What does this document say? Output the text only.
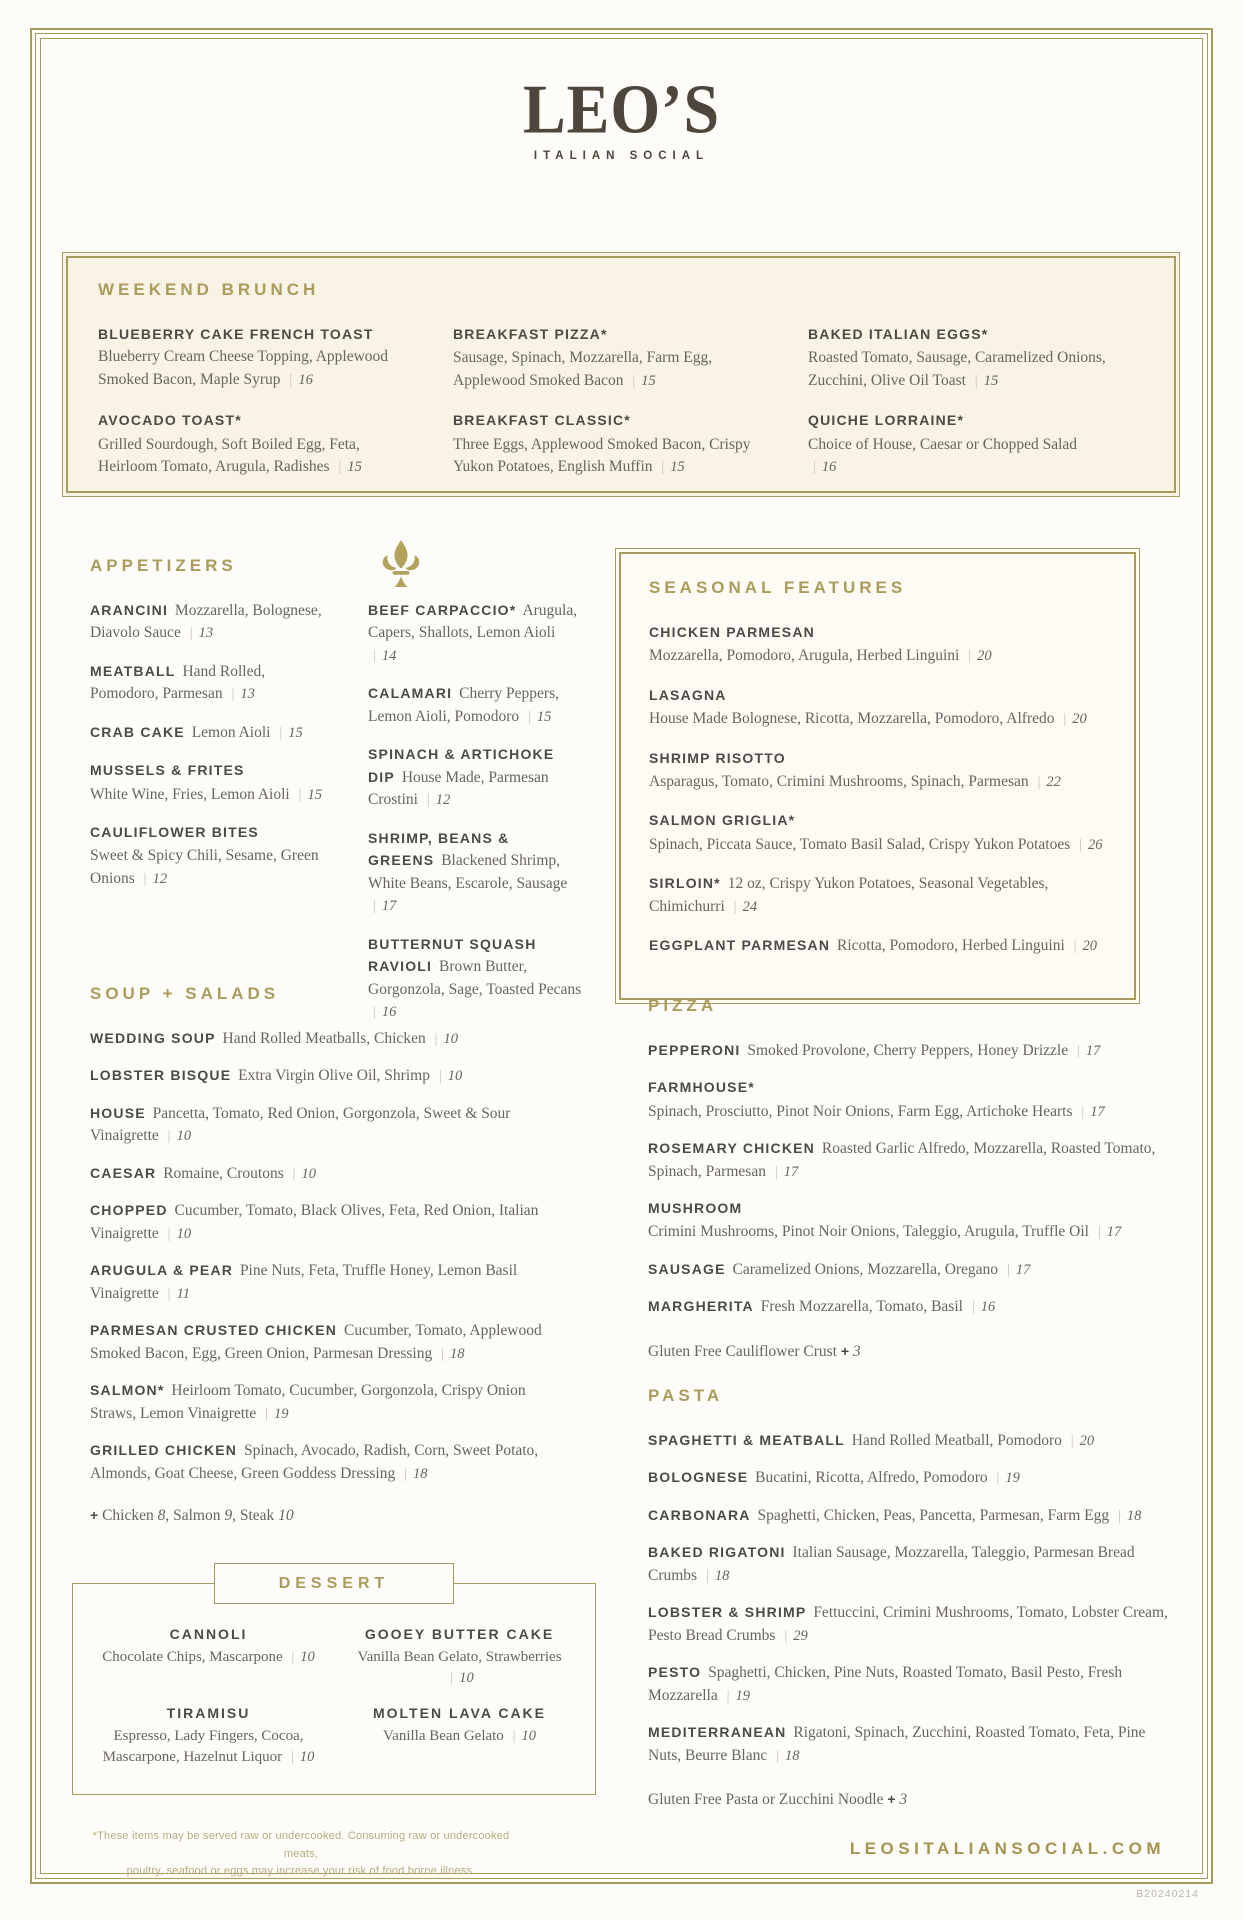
LEO’S
ITALIAN SOCIAL
WEEKEND BRUNCH

BLUEBERRY CAKE FRENCH TOAST Blueberry Cream Cheese Topping, Applewood Smoked Bacon, Maple Syrup | 16

BREAKFAST PIZZA*
Sausage, Spinach, Mozzarella, Farm Egg, Applewood Smoked Bacon | 15

BAKED ITALIAN EGGS*
Roasted Tomato, Sausage, Caramelized Onions, Zucchini, Olive Oil Toast | 15

AVOCADO TOAST*
Grilled Sourdough, Soft Boiled Egg, Feta, Heirloom Tomato, Arugula, Radishes | 15

BREAKFAST CLASSIC*
Three Eggs, Applewood Smoked Bacon, Crispy Yukon Potatoes, English Muffin | 15

QUICHE LORRAINE*
Choice of House, Caesar or Chopped Salad | 16

APPETIZERS

ARANCINI Mozzarella, Bolognese, Diavolo Sauce | 13

MEATBALL Hand Rolled, Pomodoro, Parmesan | 13

CRAB CAKE Lemon Aioli | 15

MUSSELS & FRITES
White Wine, Fries, Lemon Aioli | 15

CAULIFLOWER BITES
Sweet & Spicy Chili, Sesame, Green Onions | 12

BEEF CARPACCIO* Arugula, Capers, Shallots, Lemon Aioli | 14

CALAMARI Cherry Peppers, Lemon Aioli, Pomodoro | 15

SPINACH & ARTICHOKE DIP House Made, Parmesan Crostini | 12

SHRIMP, BEANS & GREENS Blackened Shrimp, White Beans, Escarole, Sausage | 17

BUTTERNUT SQUASH RAVIOLI Brown Butter, Gorgonzola, Sage, Toasted Pecans | 16

SEASONAL FEATURES

CHICKEN PARMESAN
Mozzarella, Pomodoro, Arugula, Herbed Linguini | 20

LASAGNA
House Made Bolognese, Ricotta, Mozzarella, Pomodoro, Alfredo | 20

SHRIMP RISOTTO
Asparagus, Tomato, Crimini Mushrooms, Spinach, Parmesan | 22

SALMON GRIGLIA*
Spinach, Piccata Sauce, Tomato Basil Salad, Crispy Yukon Potatoes | 26

SIRLOIN* 12 oz, Crispy Yukon Potatoes, Seasonal Vegetables, Chimichurri | 24

EGGPLANT PARMESAN Ricotta, Pomodoro, Herbed Linguini | 20

SOUP + SALADS

WEDDING SOUP Hand Rolled Meatballs, Chicken | 10

LOBSTER BISQUE Extra Virgin Olive Oil, Shrimp | 10

HOUSE Pancetta, Tomato, Red Onion, Gorgonzola, Sweet & Sour Vinaigrette | 10

CAESAR Romaine, Croutons | 10

CHOPPED Cucumber, Tomato, Black Olives, Feta, Red Onion, Italian Vinaigrette | 10

ARUGULA & PEAR Pine Nuts, Feta, Truffle Honey, Lemon Basil Vinaigrette | 11

PARMESAN CRUSTED CHICKEN Cucumber, Tomato, Applewood Smoked Bacon, Egg, Green Onion, Parmesan Dressing | 18

SALMON* Heirloom Tomato, Cucumber, Gorgonzola, Crispy Onion Straws, Lemon Vinaigrette | 19

GRILLED CHICKEN Spinach, Avocado, Radish, Corn, Sweet Potato, Almonds, Goat Cheese, Green Goddess Dressing | 18

+ Chicken 8 , Salmon 9 , Steak 10

PIZZA

PEPPERONI Smoked Provolone, Cherry Peppers, Honey Drizzle | 17

FARMHOUSE*
Spinach, Prosciutto, Pinot Noir Onions, Farm Egg, Artichoke Hearts | 17

ROSEMARY CHICKEN Roasted Garlic Alfredo, Mozzarella, Roasted Tomato, Spinach, Parmesan | 17

MUSHROOM
Crimini Mushrooms, Pinot Noir Onions, Taleggio, Arugula, Truffle Oil | 17

SAUSAGE Caramelized Onions, Mozzarella, Oregano | 17

MARGHERITA Fresh Mozzarella, Tomato, Basil | 16

Gluten Free Cauliflower Crust + 3

PASTA

SPAGHETTI & MEATBALL Hand Rolled Meatball, Pomodoro | 20

BOLOGNESE Bucatini, Ricotta, Alfredo, Pomodoro | 19

CARBONARA Spaghetti, Chicken, Peas, Pancetta, Parmesan, Farm Egg | 18

BAKED RIGATONI Italian Sausage, Mozzarella, Taleggio, Parmesan Bread Crumbs | 18

LOBSTER & SHRIMP Fettuccini, Crimini Mushrooms, Tomato, Lobster Cream, Pesto Bread Crumbs | 29

PESTO Spaghetti, Chicken, Pine Nuts, Roasted Tomato, Basil Pesto, Fresh Mozzarella | 19

MEDITERRANEAN Rigatoni, Spinach, Zucchini, Roasted Tomato, Feta, Pine Nuts, Beurre Blanc | 18

Gluten Free Pasta or Zucchini Noodle + 3

DESSERT
CANNOLI

Chocolate Chips, Mascarpone | 10

GOOEY BUTTER CAKE

Vanilla Bean Gelato, Strawberries | 10

TIRAMISU

Espresso, Lady Fingers, Cocoa, Mascarpone, Hazelnut Liquor | 10

MOLTEN LAVA CAKE

Vanilla Bean Gelato | 10

*These items may be served raw or undercooked. Consuming raw or undercooked meats,
poultry, seafood or eggs may increase your risk of food borne illness.
LEOSITALIANSOCIAL.COM
B20240214
